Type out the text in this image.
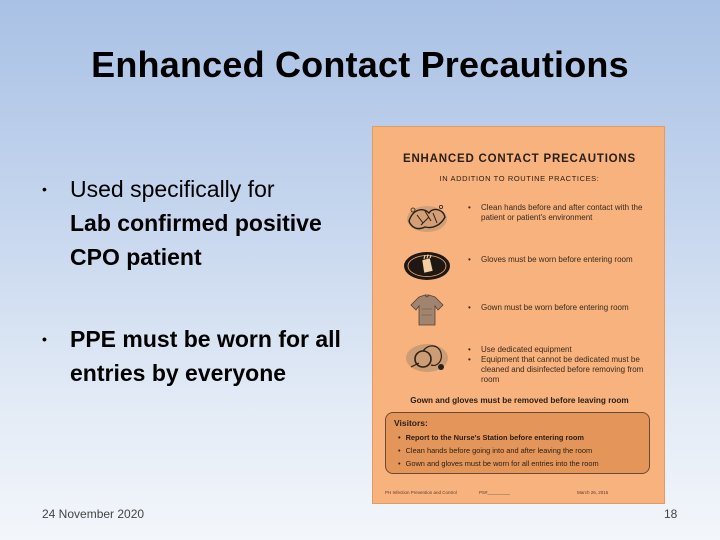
Enhanced Contact Precautions
• Used specifically for
Lab confirmed positive CPO patient
• PPE must be worn for all entries by everyone
ENHANCED CONTACT PRECAUTIONS
IN ADDITION TO ROUTINE PRACTICES:
• Clean hands before and after contact with the patient or patient's environment
• Gloves must be worn before entering room
• Gown must be worn before entering room
• Use dedicated equipment
• Equipment that cannot be dedicated must be cleaned and disinfected before removing from room
Gown and gloves must be removed before leaving room
Visitors:
• Report to the Nurse's Station before entering room
• Clean hands before going into and after leaving the room
• Gown and gloves must be worn for all entries into the room
PH Infection Prevention and Control	PS#_________	March 26, 2015
24 November 2020	18
